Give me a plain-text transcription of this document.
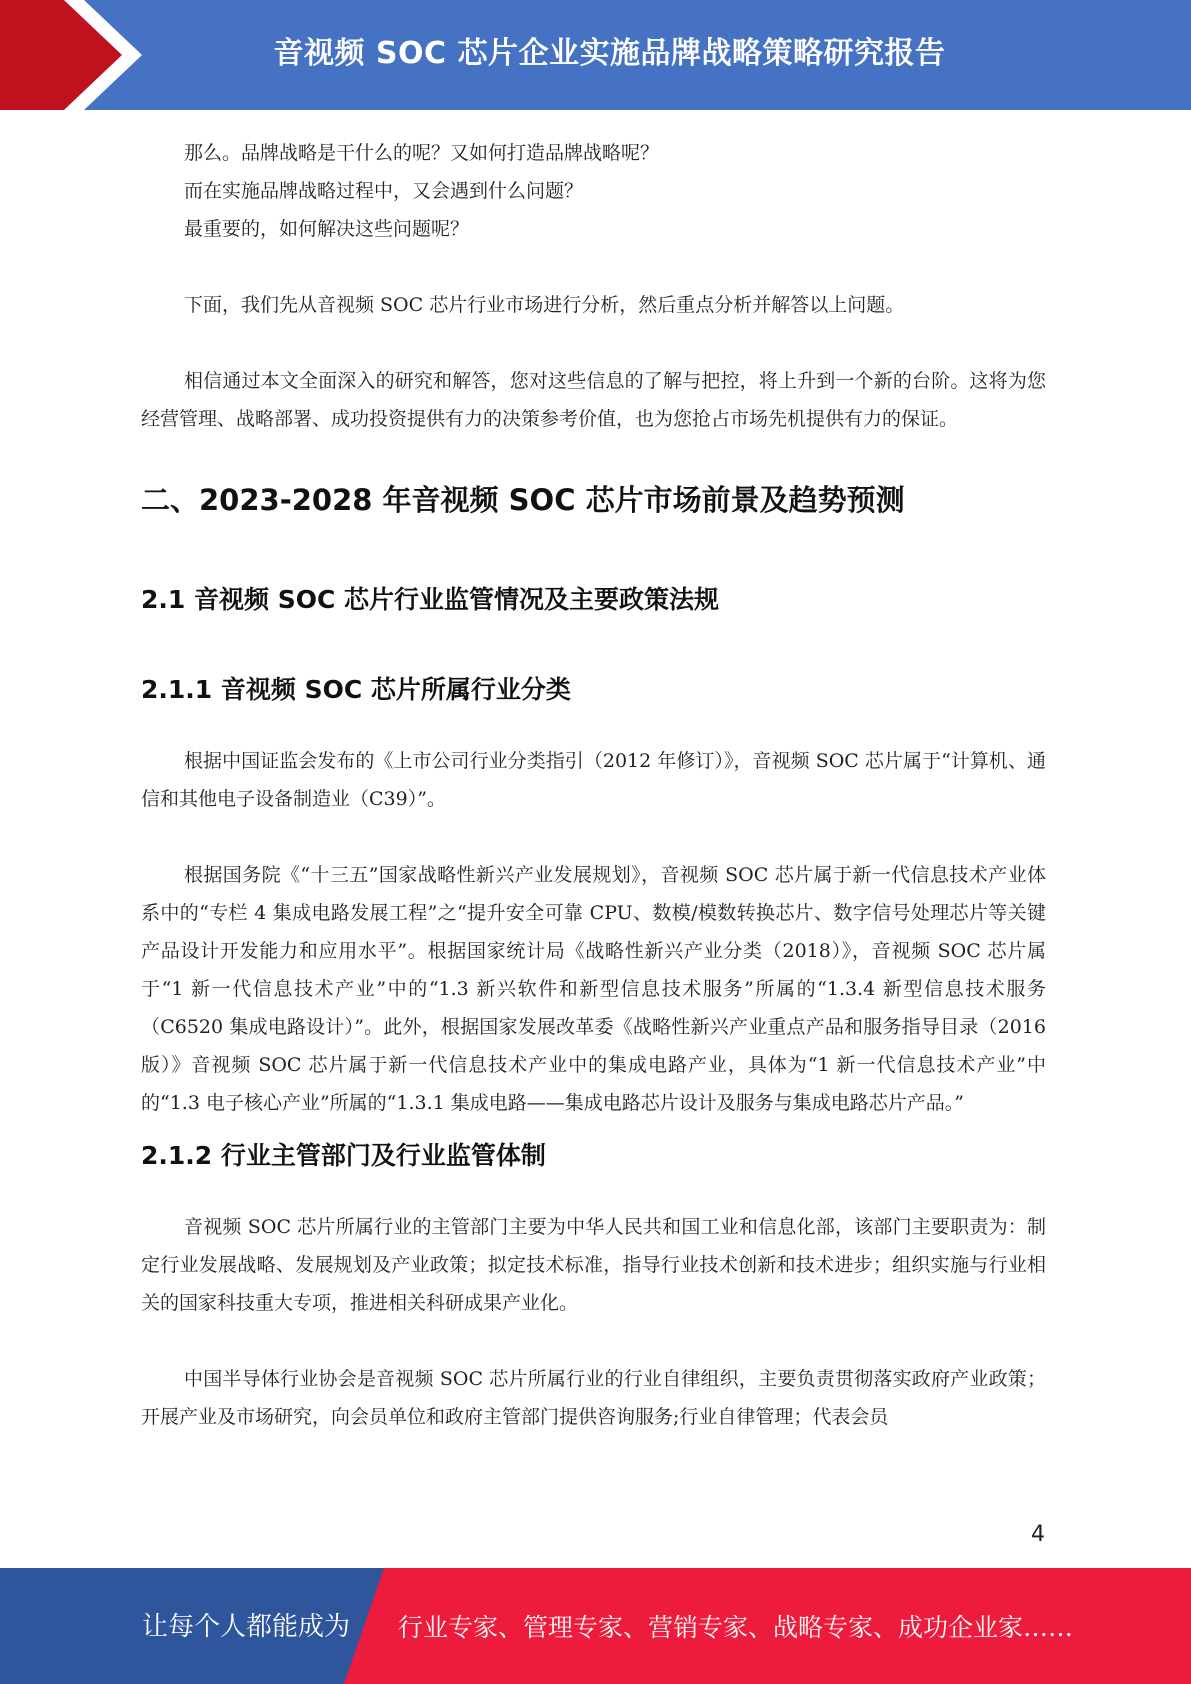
音视频 SOC 芯片企业实施品牌战略策略研究报告

那么。品牌战略是干什么的呢？又如何打造品牌战略呢？

而在实施品牌战略过程中，又会遇到什么问题？

最重要的，如何解决这些问题呢？

下面，我们先从音视频 SOC 芯片行业市场进行分析，然后重点分析并解答以上问题。

相信通过本文全面深入的研究和解答，您对这些信息的了解与把控，将上升到一个新的台阶。这将为您经营管理、战略部署、成功投资提供有力的决策参考价值，也为您抢占市场先机提供有力的保证。

二、2023-2028 年音视频 SOC 芯片市场前景及趋势预测
2.1 音视频 SOC 芯片行业监管情况及主要政策法规
2.1.1 音视频 SOC 芯片所属行业分类

根据中国证监会发布的《上市公司行业分类指引（2012 年修订）》，音视频 SOC 芯片属于“计算机、通信和其他电子设备制造业（C39）”。

根据国务院《“十三五”国家战略性新兴产业发展规划》，音视频 SOC 芯片属于新一代信息技术产业体系中的“专栏 4 集成电路发展工程”之“提升安全可靠 CPU、数模/模数转换芯片、数字信号处理芯片等关键产品设计开发能力和应用水平”。根据国家统计局《战略性新兴产业分类（2018）》，音视频 SOC 芯片属于“1 新一代信息技术产业”中的“1.3 新兴软件和新型信息技术服务”所属的“1.3.4 新型信息技术服务（C6520 集成电路设计）”。此外，根据国家发展改革委《战略性新兴产业重点产品和服务指导目录（2016 版）》音视频 SOC 芯片属于新一代信息技术产业中的集成电路产业，具体为“1 新一代信息技术产业”中的“1.3 电子核心产业”所属的“1.3.1 集成电路——集成电路芯片设计及服务与集成电路芯片产品。”

2.1.2 行业主管部门及行业监管体制

音视频 SOC 芯片所属行业的主管部门主要为中华人民共和国工业和信息化部，该部门主要职责为：制定行业发展战略、发展规划及产业政策；拟定技术标准，指导行业技术创新和技术进步；组织实施与行业相关的国家科技重大专项，推进相关科研成果产业化。

中国半导体行业协会是音视频 SOC 芯片所属行业的行业自律组织，主要负责贯彻落实政府产业政策；开展产业及市场研究，向会员单位和政府主管部门提供咨询服务;行业自律管理；代表会员

4
让每个人都能成为 行业专家、管理专家、营销专家、战略专家、成功企业家……
